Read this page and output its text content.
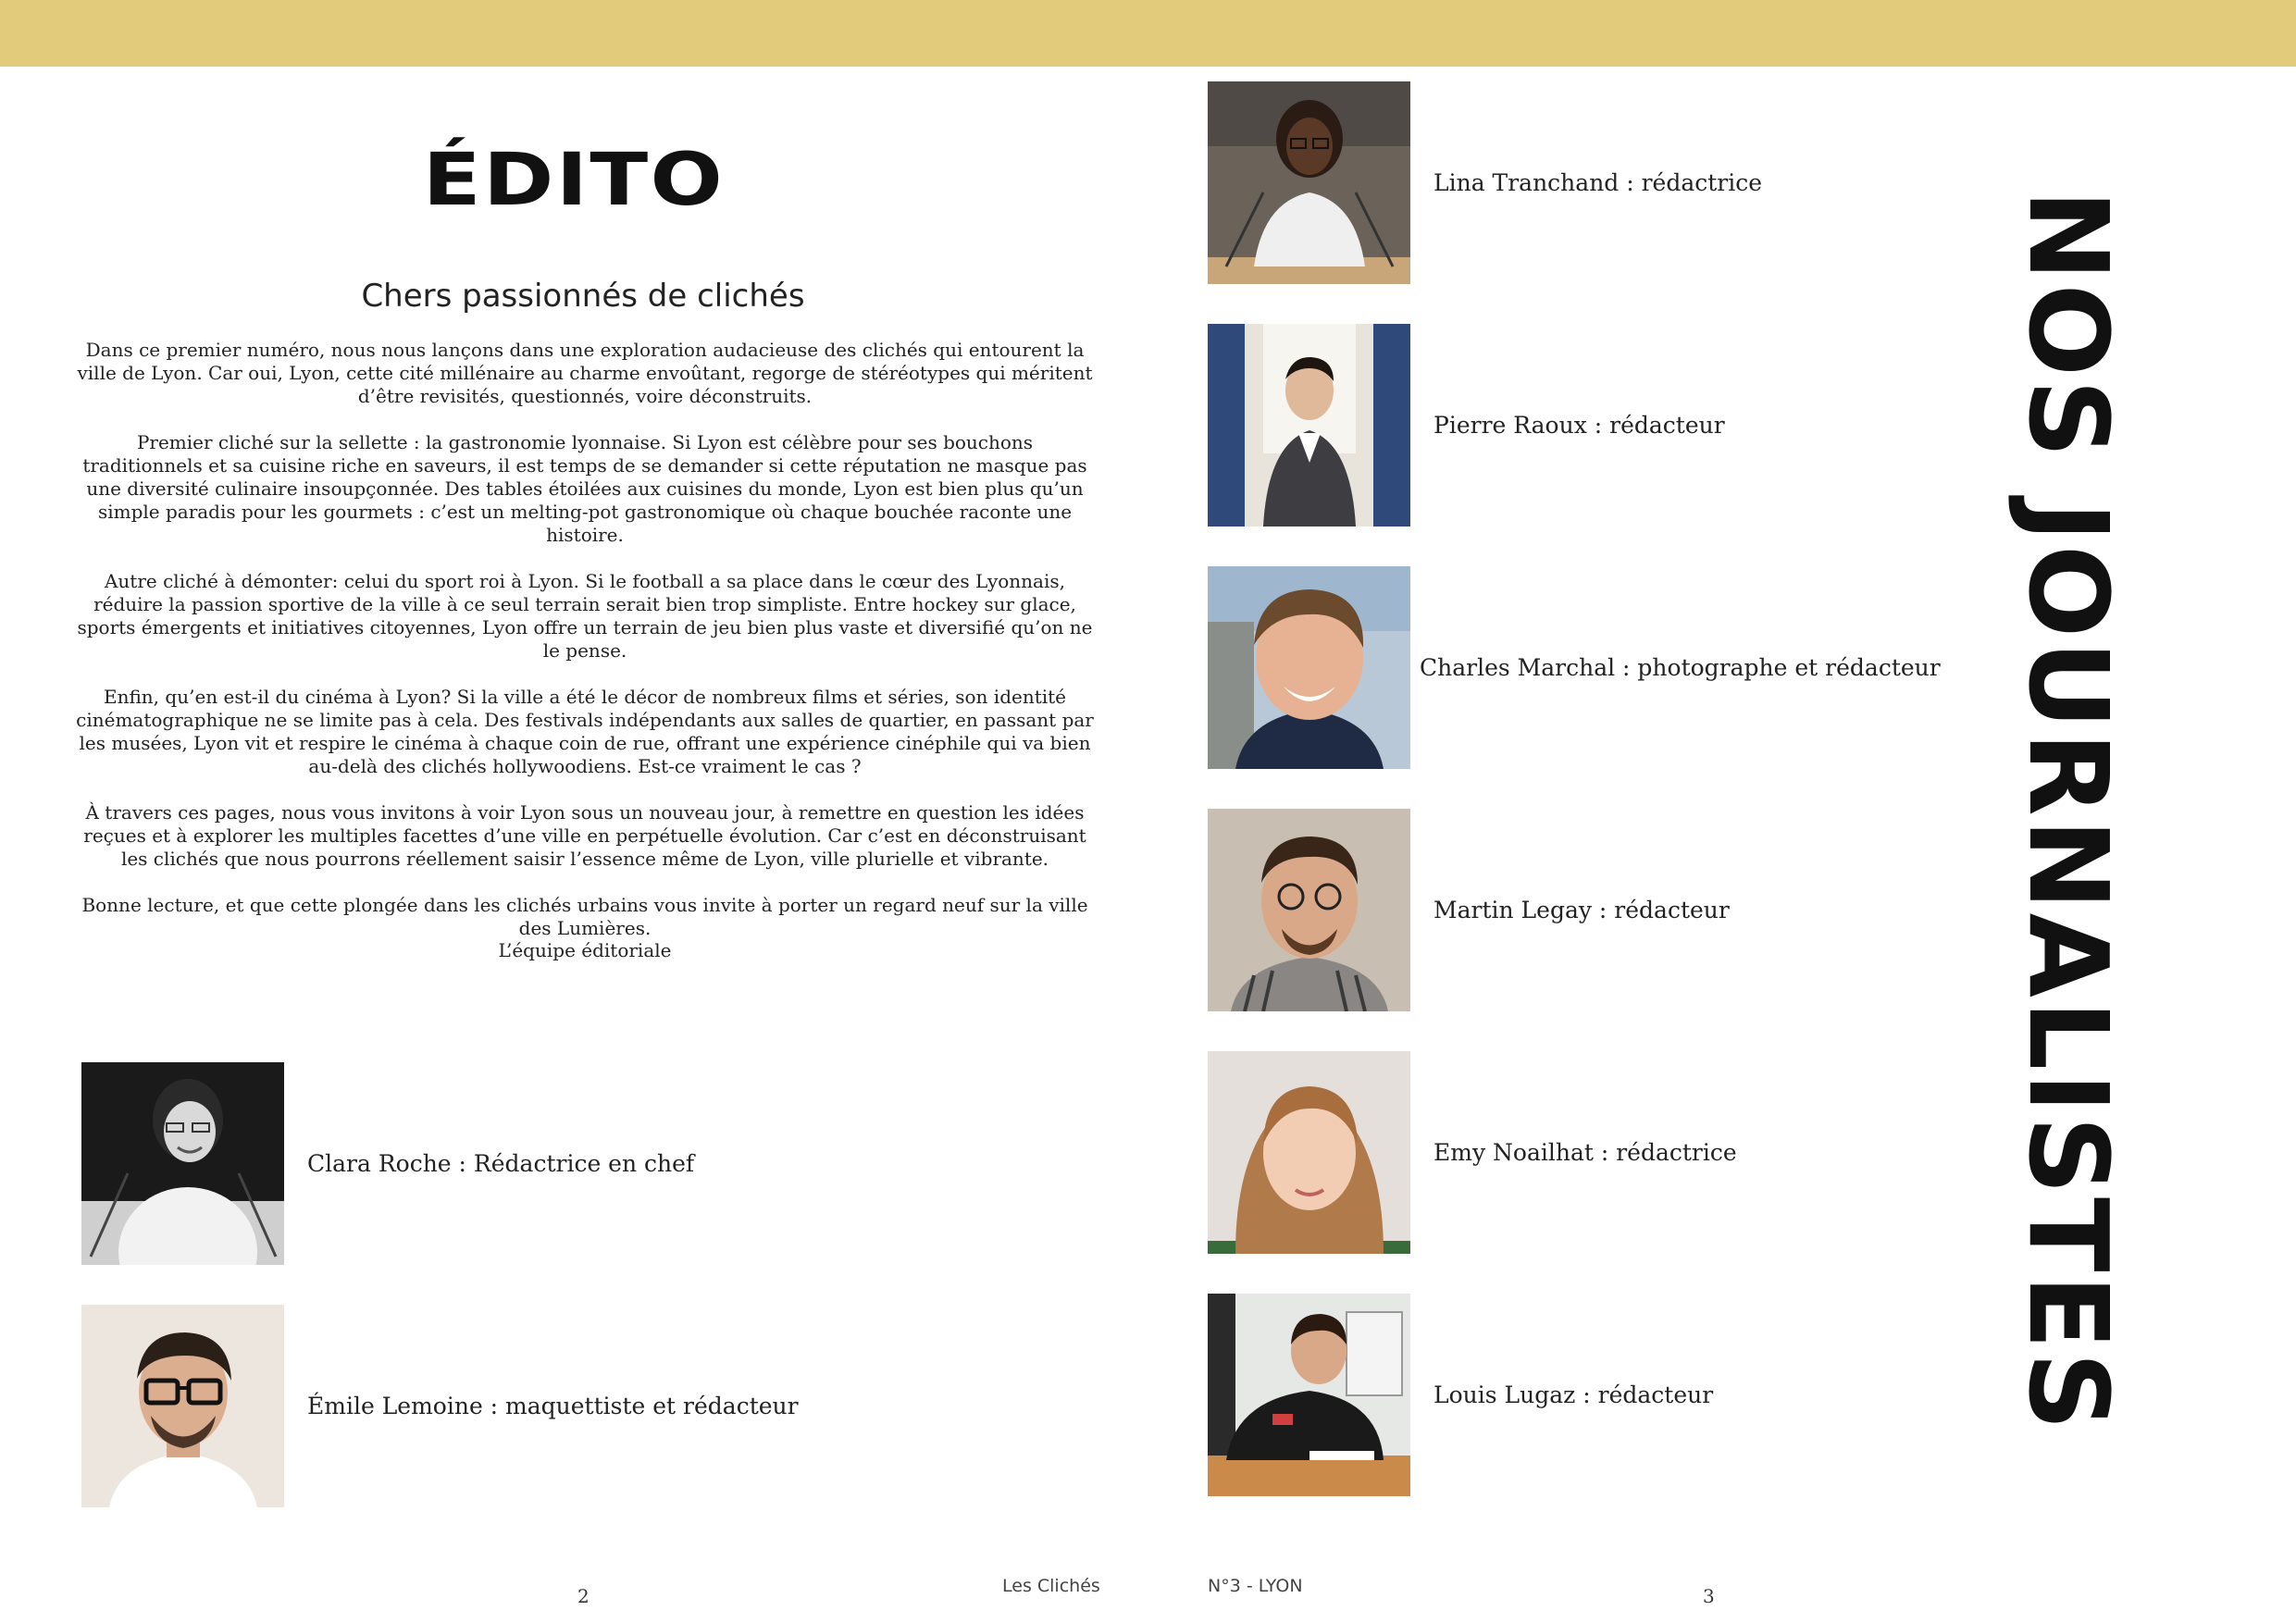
ÉDITO
Chers passionnés de clichés

Dans ce premier numéro, nous nous lançons dans une exploration audacieuse des clichés qui entourent la ville de Lyon. Car oui, Lyon, cette cité millénaire au charme envoûtant, regorge de stéréotypes qui méritent d’être revisités, questionnés, voire déconstruits.

Premier cliché sur la sellette : la gastronomie lyonnaise. Si Lyon est célèbre pour ses bouchons traditionnels et sa cuisine riche en saveurs, il est temps de se demander si cette réputation ne masque pas une diversité culinaire insoupçonnée. Des tables étoilées aux cuisines du monde, Lyon est bien plus qu’un simple paradis pour les gourmets : c’est un melting-pot gastronomique où chaque bouchée raconte une histoire.

Autre cliché à démonter: celui du sport roi à Lyon. Si le football a sa place dans le cœur des Lyonnais, réduire la passion sportive de la ville à ce seul terrain serait bien trop simpliste. Entre hockey sur glace, sports émergents et initiatives citoyennes, Lyon offre un terrain de jeu bien plus vaste et diversifié qu’on ne le pense.

Enfin, qu’en est-il du cinéma à Lyon? Si la ville a été le décor de nombreux films et séries, son identité cinématographique ne se limite pas à cela. Des festivals indépendants aux salles de quartier, en passant par les musées, Lyon vit et respire le cinéma à chaque coin de rue, offrant une expérience cinéphile qui va bien au-delà des clichés hollywoodiens. Est-ce vraiment le cas ?

À travers ces pages, nous vous invitons à voir Lyon sous un nouveau jour, à remettre en question les idées reçues et à explorer les multiples facettes d’une ville en perpétuelle évolution. Car c’est en déconstruisant les clichés que nous pourrons réellement saisir l’essence même de Lyon, ville plurielle et vibrante.

Bonne lecture, et que cette plongée dans les clichés urbains vous invite à porter un regard neuf sur la ville des Lumières.

L’équipe éditoriale
Clara Roche : Rédactrice en chef
Émile Lemoine : maquettiste et rédacteur
Lina Tranchand : rédactrice
Pierre Raoux : rédacteur
Charles Marchal : photographe et rédacteur
Martin Legay : rédacteur
Emy Noailhat : rédactrice
Louis Lugaz : rédacteur	NOS JOURNALISTES
2	Les Clichés	N°3 - LYON	3
